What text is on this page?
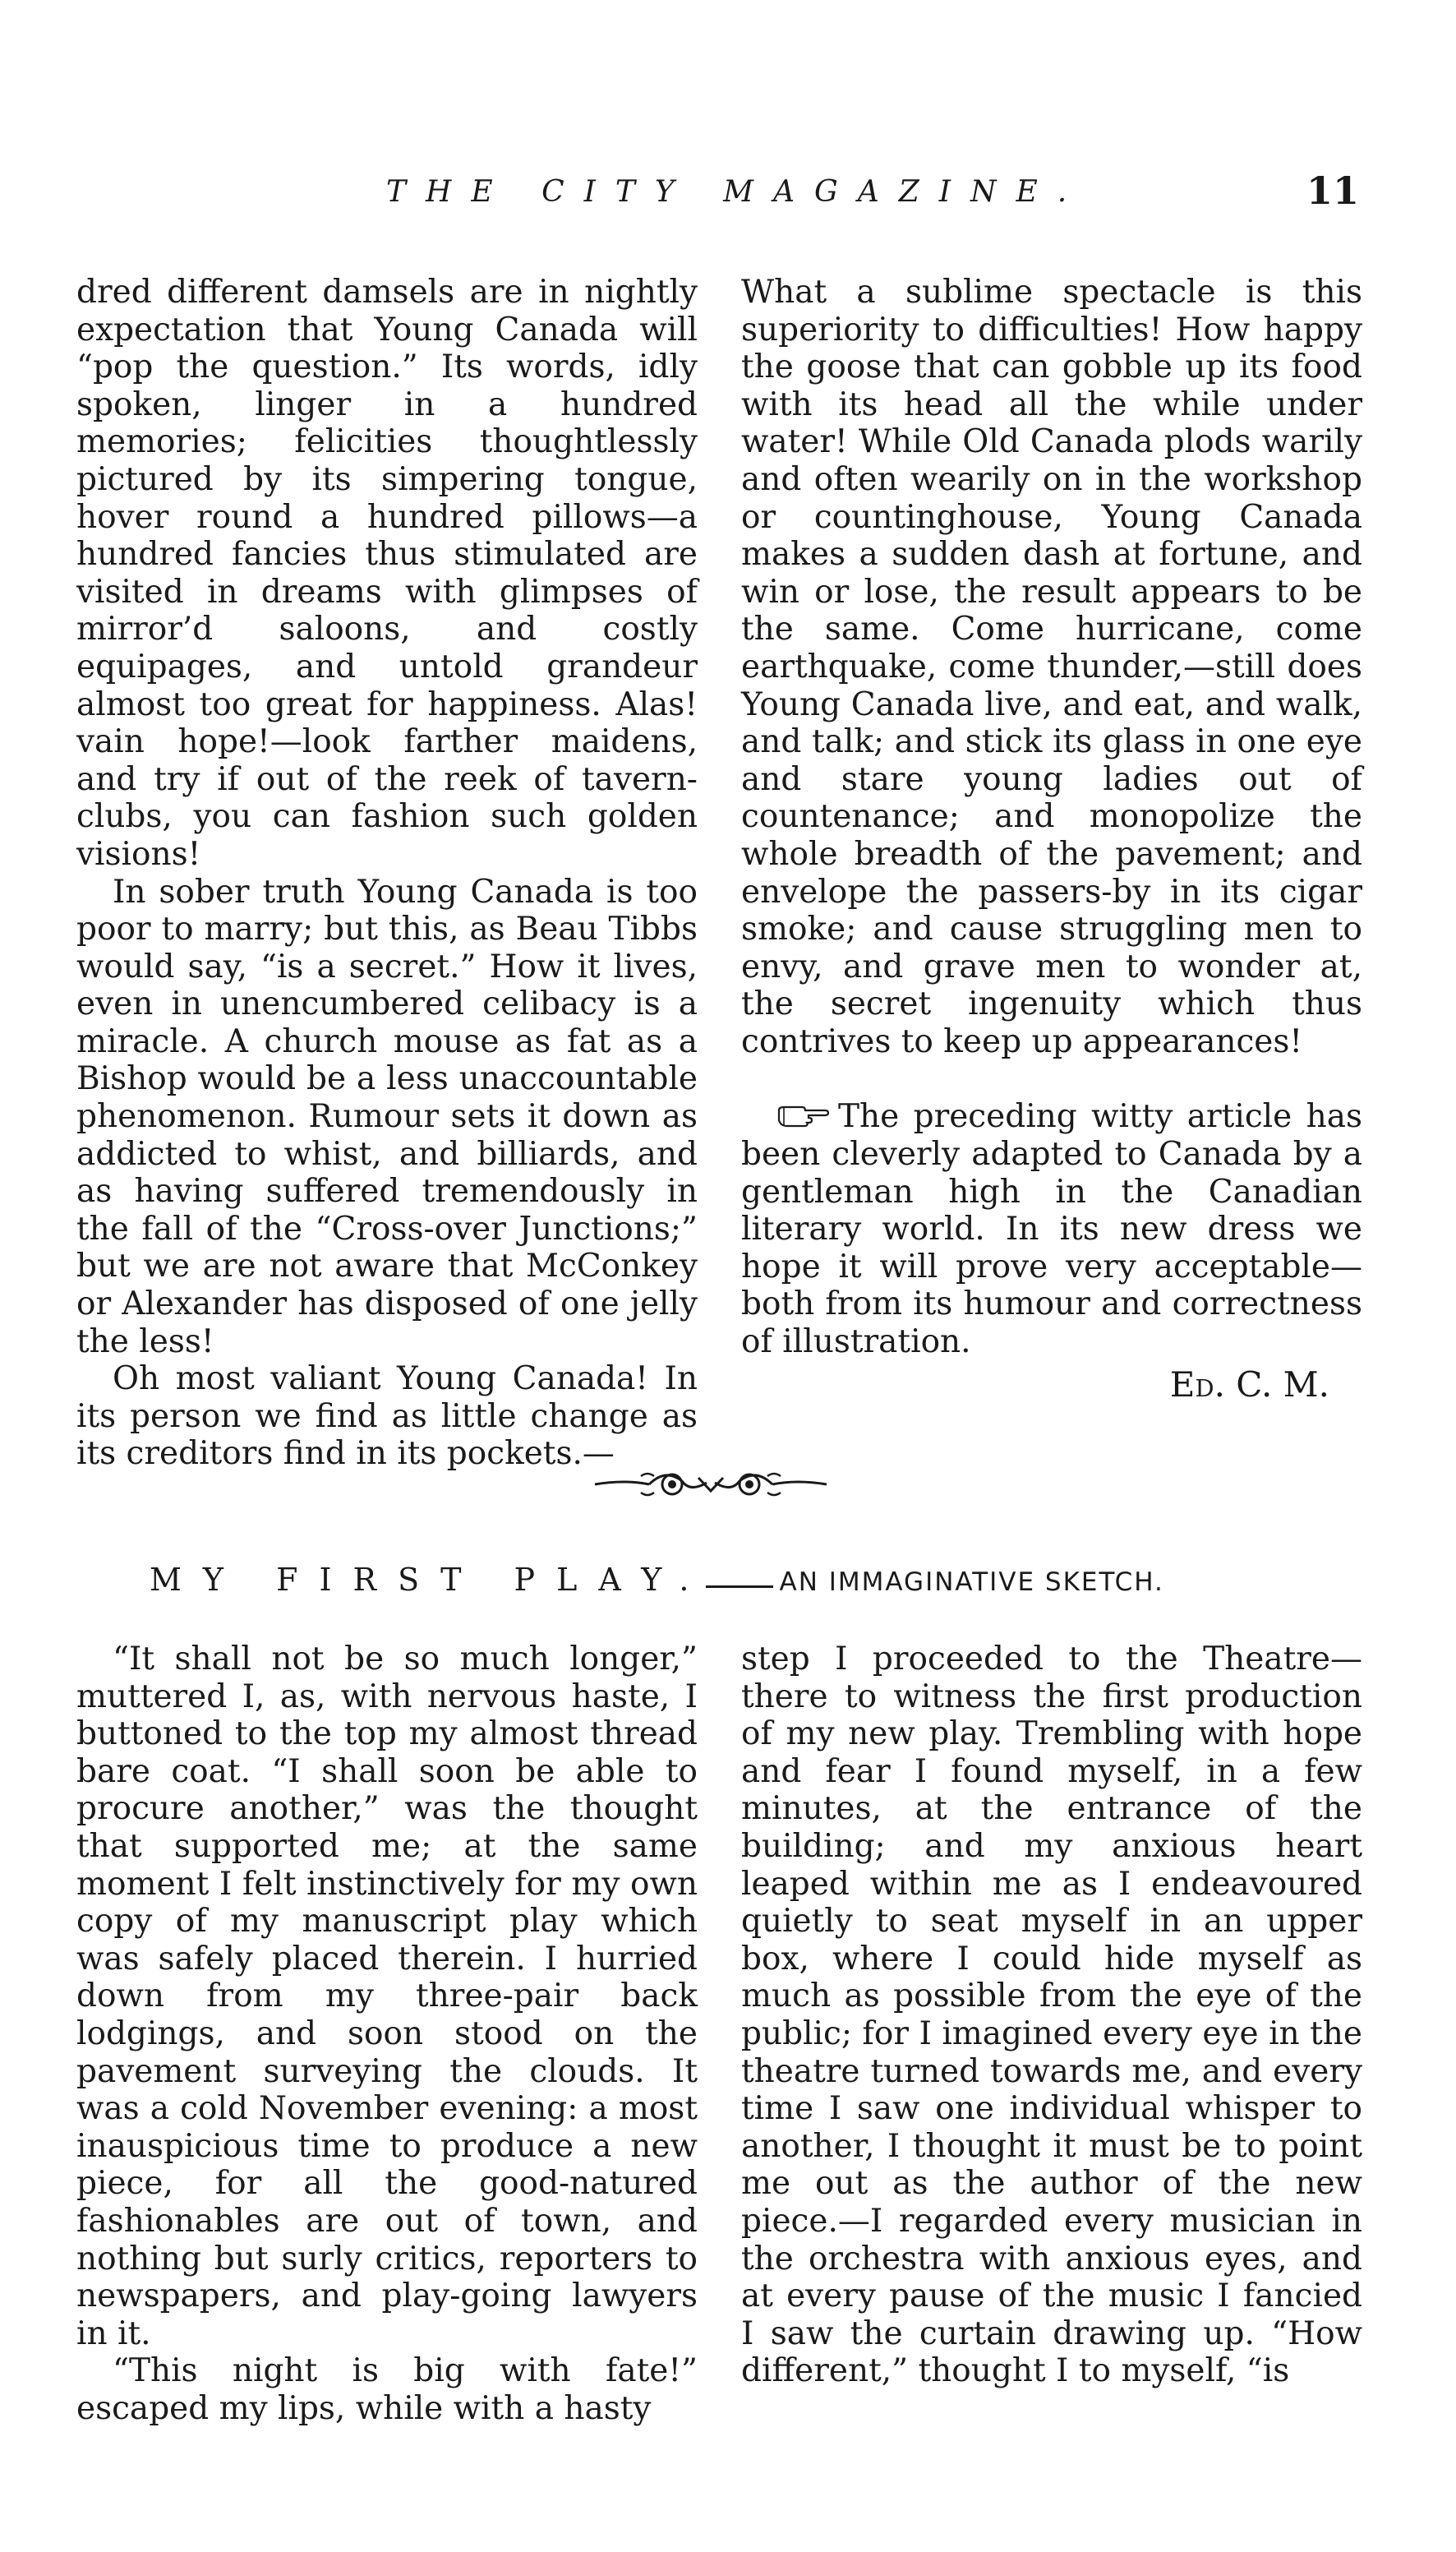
THE CITY MAGAZINE.	11

dred different damsels are in nightly expectation that Young Canada will “pop the question.” Its words, idly spoken, linger in a hundred memories; felicities thoughtlessly pictured by its simpering tongue, hover round a hundred pillows—a hundred fancies thus stimulated are visited in dreams with glimpses of mirror’d saloons, and costly equipages, and untold grandeur almost too great for happiness. Alas! vain hope!—look farther maidens, and try if out of the reek of tavern-clubs, you can fashion such golden visions!

In sober truth Young Canada is too poor to marry; but this, as Beau Tibbs would say, “is a secret.” How it lives, even in unencumbered celibacy is a miracle. A church mouse as fat as a Bishop would be a less unaccountable phenomenon. Rumour sets it down as addicted to whist, and billiards, and as having suffered tremendously in the fall of the “Cross-over Junctions;” but we are not aware that McConkey or Alexander has disposed of one jelly the less!

Oh most valiant Young Canada! In its person we find as little change as its creditors find in its pockets.—

What a sublime spectacle is this superiority to difficulties! How happy the goose that can gobble up its food with its head all the while under water! While Old Canada plods warily and often wearily on in the workshop or countinghouse, Young Canada makes a sudden dash at fortune, and win or lose, the result appears to be the same. Come hurricane, come earthquake, come thunder,—still does Young Canada live, and eat, and walk, and talk; and stick its glass in one eye and stare young ladies out of countenance; and monopolize the whole breadth of the pavement; and envelope the passers-by in its cigar smoke; and cause struggling men to envy, and grave men to wonder at, the secret ingenuity which thus contrives to keep up appearances!

The preceding witty article has been cleverly adapted to Canada by a gentleman high in the Canadian literary world. In its new dress we hope it will prove very acceptable—both from its humour and correctness of illustration.

Ed. C. M.

MY FIRST PLAY.	AN IMMAGINATIVE SKETCH.

“It shall not be so much longer,” muttered I, as, with nervous haste, I buttoned to the top my almost thread bare coat. “I shall soon be able to procure another,” was the thought that supported me; at the same moment I felt instinctively for my own copy of my manuscript play which was safely placed therein. I hurried down from my three-pair back lodgings, and soon stood on the pavement surveying the clouds. It was a cold November evening: a most inauspicious time to produce a new piece, for all the good-natured fashionables are out of town, and nothing but surly critics, reporters to newspapers, and play-going lawyers in it.

“This night is big with fate!” escaped my lips, while with a hasty

step I proceeded to the Theatre—there to witness the first production of my new play. Trembling with hope and fear I found myself, in a few minutes, at the entrance of the building; and my anxious heart leaped within me as I endeavoured quietly to seat myself in an upper box, where I could hide myself as much as possible from the eye of the public; for I imagined every eye in the theatre turned towards me, and every time I saw one individual whisper to another, I thought it must be to point me out as the author of the new piece.—I regarded every musician in the orchestra with anxious eyes, and at every pause of the music I fancied I saw the curtain drawing up. “How different,” thought I to myself, “is
